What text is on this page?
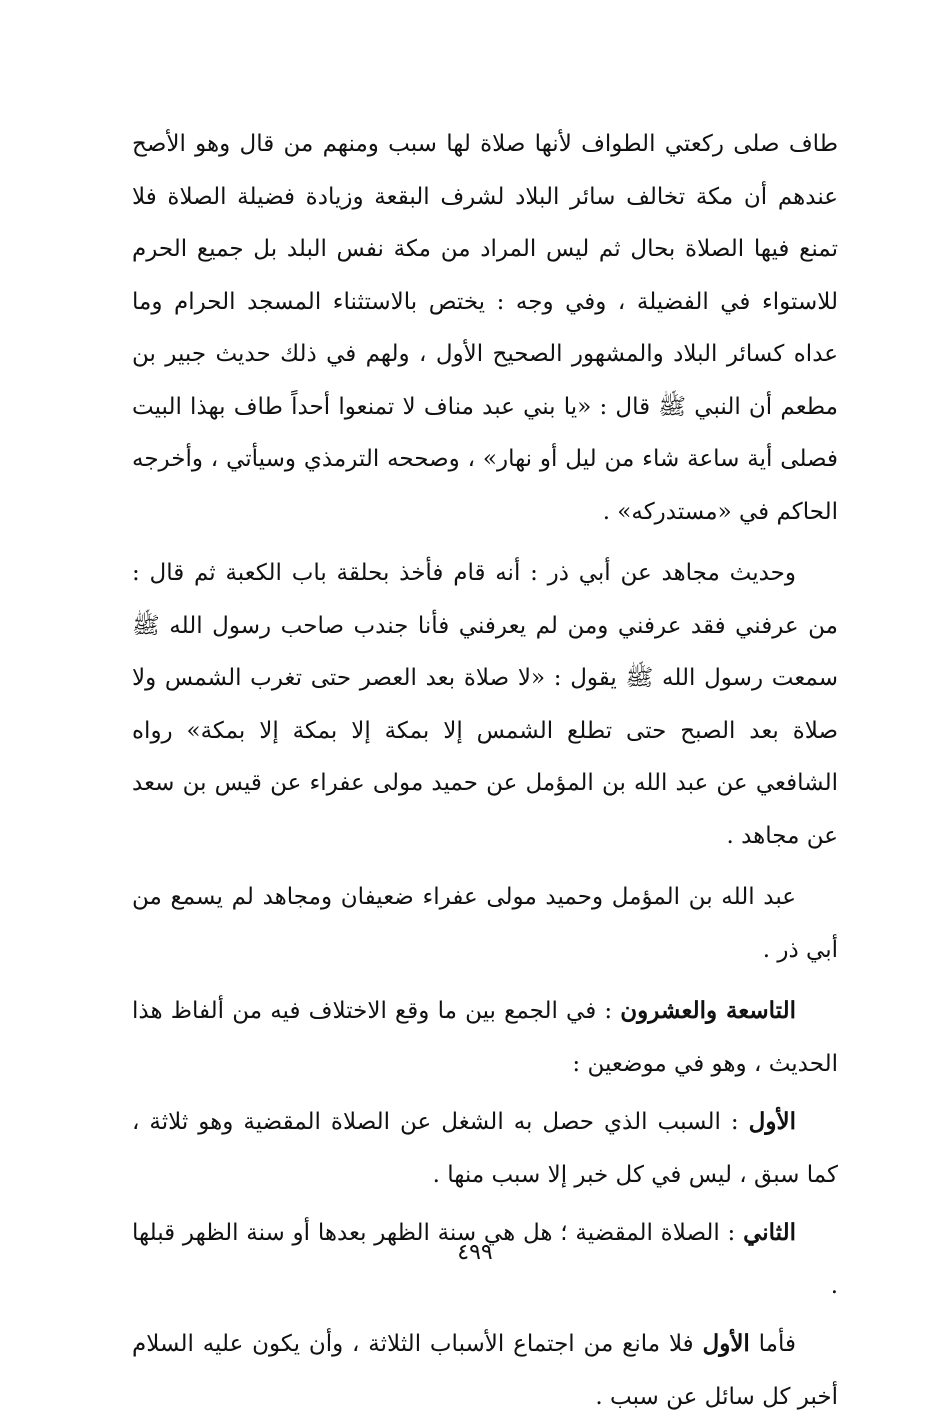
طاف صلى ركعتي الطواف لأنها صلاة لها سبب ومنهم من قال وهو الأصح عندهم أن مكة تخالف سائر البلاد لشرف البقعة وزيادة فضيلة الصلاة فلا تمنع فيها الصلاة بحال ثم ليس المراد من مكة نفس البلد بل جميع الحرم للاستواء في الفضيلة ، وفي وجه : يختص بالاستثناء المسجد الحرام وما عداه كسائر البلاد والمشهور الصحيح الأول ، ولهم في ذلك حديث جبير بن مطعم أن النبي ﷺ قال : «يا بني عبد مناف لا تمنعوا أحداً طاف بهذا البيت فصلى أية ساعة شاء من ليل أو نهار» ، وصححه الترمذي وسيأتي ، وأخرجه الحاكم في «مستدركه» .

وحديث مجاهد عن أبي ذر : أنه قام فأخذ بحلقة باب الكعبة ثم قال : من عرفني فقد عرفني ومن لم يعرفني فأنا جندب صاحب رسول الله ﷺ سمعت رسول الله ﷺ يقول : «لا صلاة بعد العصر حتى تغرب الشمس ولا صلاة بعد الصبح حتى تطلع الشمس إلا بمكة إلا بمكة إلا بمكة» رواه الشافعي عن عبد الله بن المؤمل عن حميد مولى عفراء عن قيس بن سعد عن مجاهد .

عبد الله بن المؤمل وحميد مولى عفراء ضعيفان ومجاهد لم يسمع من أبي ذر .

التاسعة والعشرون : في الجمع بين ما وقع الاختلاف فيه من ألفاظ هذا الحديث ، وهو في موضعين :

الأول : السبب الذي حصل به الشغل عن الصلاة المقضية وهو ثلاثة ، كما سبق ، ليس في كل خبر إلا سبب منها .

الثاني : الصلاة المقضية ؛ هل هي سنة الظهر بعدها أو سنة الظهر قبلها .

فأما الأول فلا مانع من اجتماع الأسباب الثلاثة ، وأن يكون عليه السلام أخبر كل سائل عن سبب .

٤٩٩
